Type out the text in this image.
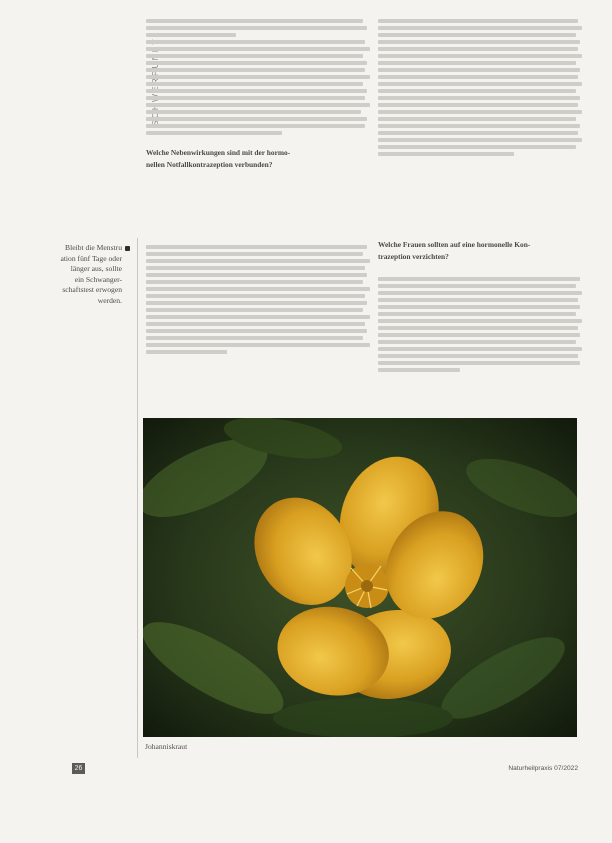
Bleibt die Menstru
ation fünf Tage oder
länger aus, sollte
ein Schwanger-
schaftstest erwogen
werden.
Welche Nebenwirkungen sind mit der hormo-
nellen Notfallkontrazeption verbunden?
Welche Frauen sollten auf eine hormonelle Kon-
trazeption verzichten?
Johanniskraut
26	Naturheilpraxis 07/2022
